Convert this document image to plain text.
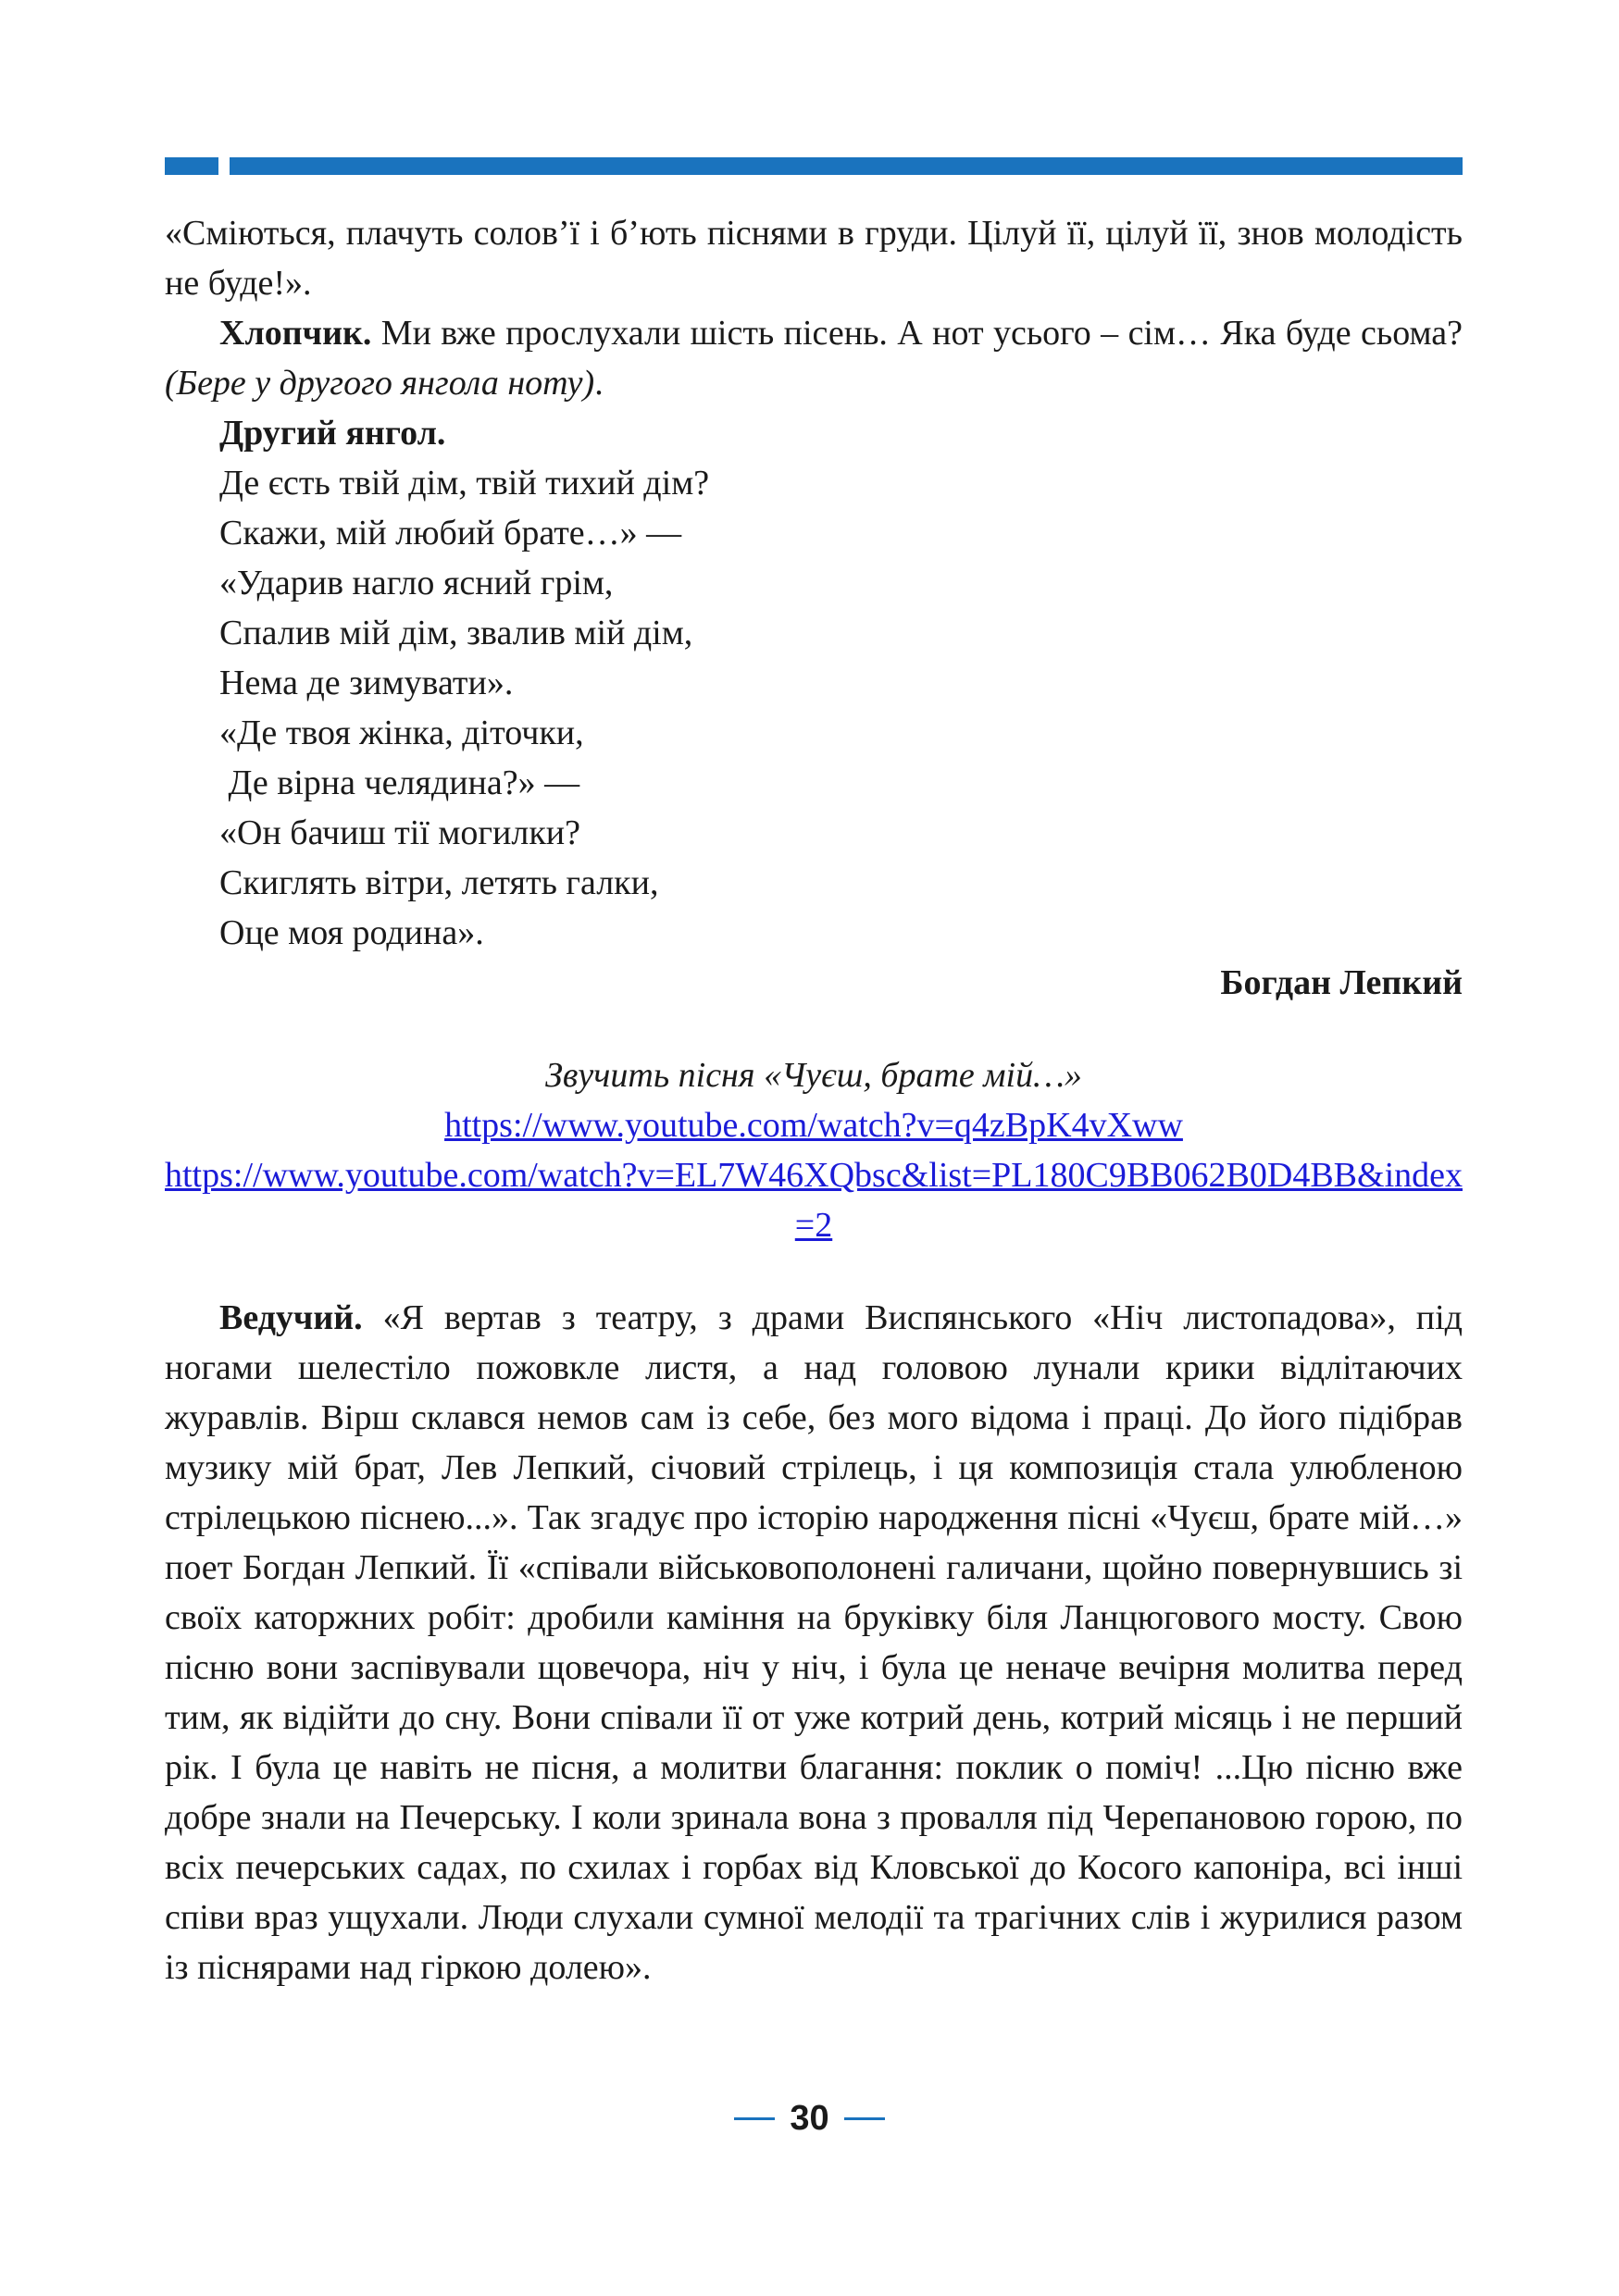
«Сміються, плачуть солов’ї і б’ють піснями в груди. Цілуй її, цілуй її, знов молодість не буде!».

Хлопчик. Ми вже прослухали шість пісень. А нот усього – сім… Яка буде сьома? (Бере у другого янгола ноту).

Другий янгол.

Де єсть твій дім, твій тихий дім?
Скажи, мій любий брате…» —
«Ударив нагло ясний грім,
Спалив мій дім, звалив мій дім,
Нема де зимувати».
«Де твоя жінка, діточки,
Де вірна челядина?» —
«Он бачиш тії могилки?
Скиглять вітри, летять галки,
Оце моя родина».

Богдан Лепкий

Звучить пісня «Чуєш, брате мій…»
https://www.youtube.com/watch?v=q4zBpK4vXww
https://www.youtube.com/watch?v=EL7W46XQbsc&list=PL180C9BB062B0D4BB&index=2

Ведучий. «Я вертав з театру, з драми Виспянського «Ніч листопадова», під ногами шелестіло пожовкле листя, а над головою лунали крики відлітаючих журавлів. Вірш склався немов сам із себе, без мого відома і праці. До його підібрав музику мій брат, Лев Лепкий, січовий стрілець, і ця композиція стала улюбленою стрілецькою піснею...». Так згадує про історію народження пісні «Чуєш, брате мій…» поет Богдан Лепкий. Її «співали військовополонені галичани, щойно повернувшись зі своїх каторжних робіт: дробили каміння на бруківку біля Ланцюгового мосту. Свою пісню вони заспівували щовечора, ніч у ніч, і була це неначе вечірня молитва перед тим, як відійти до сну. Вони співали її от уже котрий день, котрий місяць і не перший рік. І була це навіть не пісня, а молитви благання: поклик о поміч! ...Цю пісню вже добре знали на Печерську. І коли зринала вона з провалля під Черепановою горою, по всіх печерських садах, по схилах і горбах від Кловської до Косого капоніра, всі інші співи враз ущухали. Люди слухали сумної мелодії та трагічних слів і журилися разом із піснярами над гіркою долею».

30
